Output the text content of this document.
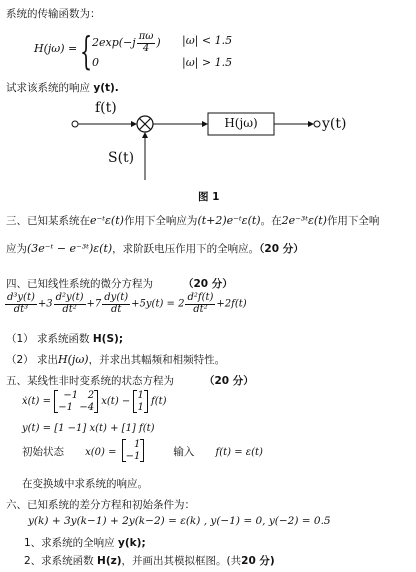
系统的传输函数为：
H(jω) = { $2\exp(-j \frac{\pi\omega}{4}$ ) |ω| < 1.5
0	|ω| > 1.5
试求该系统的响应 y(t).
f(t)
S(t)
H(jω)	y(t)
图 1
三、已知某系统在e⁻ᵗε(t)作用下全响应为(t+2)e⁻ᵗε(t)。在2e⁻³ᵗε(t)作用下全响
应为(3e⁻ᵗ − e⁻³ᵗ)ε(t)，求阶跃电压作用下的全响应。（20 分）
四、已知线性系统的微分方程为	（20 分）
$\frac{\text{d³y(t)}}{\text{dt³}} +3 \frac{\text{d²y(t)}}{\text{dt²}} +7 \frac{dy(t)}{dt} +5y(t) = 2 \frac{\text{d²f(t)}}{\text{dt²}} +2f(t)$
（1） 求系统函数 H(S);
（2） 求出H(jω)，并求出其幅频和相频特性。
五、某线性非时变系统的状态方程为	（20 分）
ẋ(t) = −1 2
−1 −4 x(t) − 1
1 f(t)
y(t) = [1 −1] x(t) + [1] f(t)
初始状态 x(0) = 1
−1	输入 f(t) = ε(t)
在变换域中求系统的响应。
六、已知系统的差分方程和初始条件为：
y(k) + 3y(k−1) + 2y(k−2) = ε(k) , y(−1) = 0, y(−2) = 0.5
1、求系统的全响应 y(k);
2、求系统函数 H(z)，并画出其模拟框图。(共20 分)
